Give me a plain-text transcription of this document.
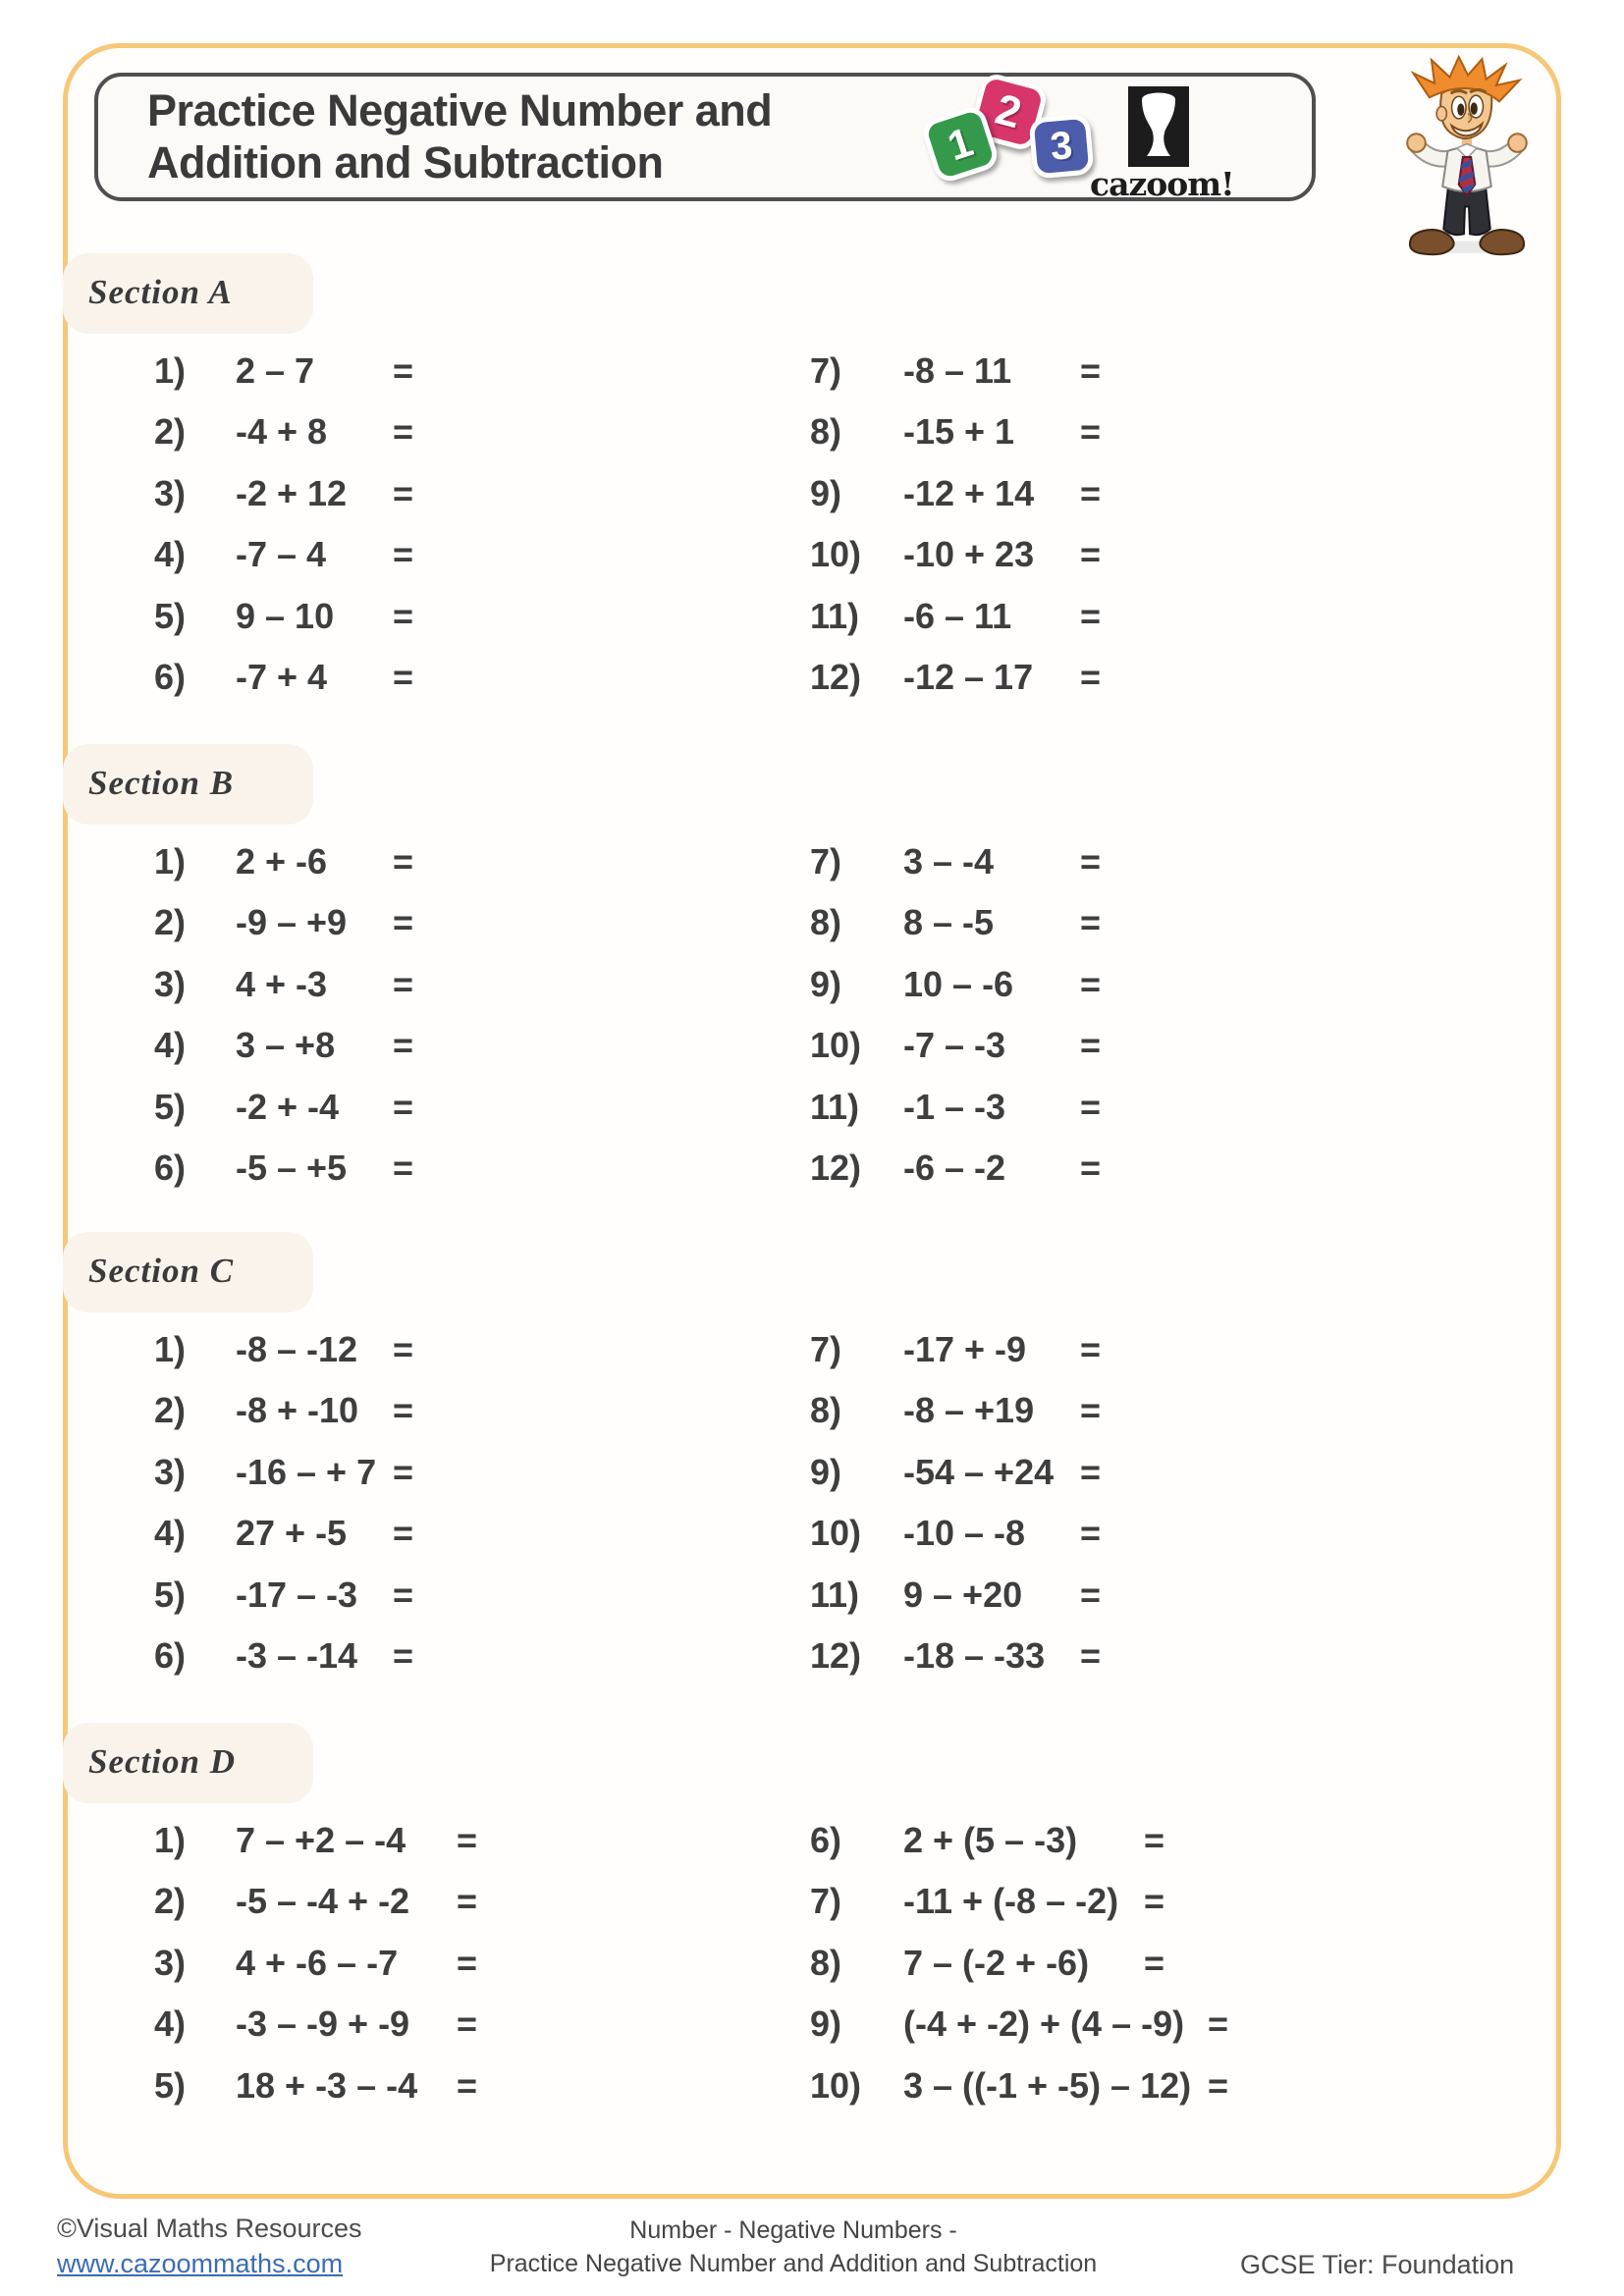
Practice Negative Number and
Addition and Subtraction	1
2
3
cazoom!
Section A
1) 2 – 7 =
2) -4 + 8 =
3) -2 + 12 =
4) -7 – 4 =
5) 9 – 10 =
6) -7 + 4 =
7) -8 – 11 =
8) -15 + 1 =
9) -12 + 14 =
10) -10 + 23 =
11) -6 – 11 =
12) -12 – 17 =
Section B
1) 2 + -6 =
2) -9 – +9 =
3) 4 + -3 =
4) 3 – +8 =
5) -2 + -4 =
6) -5 – +5 =
7) 3 – -4 =
8) 8 – -5 =
9) 10 – -6 =
10) -7 – -3 =
11) -1 – -3 =
12) -6 – -2 =
Section C
1) -8 – -12 =
2) -8 + -10 =
3) -16 – + 7 =
4) 27 + -5 =
5) -17 – -3 =
6) -3 – -14 =
7) -17 + -9 =
8) -8 – +19 =
9) -54 – +24 =
10) -10 – -8 =
11) 9 – +20 =
12) -18 – -33 =
Section D
1) 7 – +2 – -4 =
2) -5 – -4 + -2 =
3) 4 + -6 – -7 =
4) -3 – -9 + -9 =
5) 18 + -3 – -4 =
6) 2 + (5 – -3) =
7) -11 + (-8 – -2) =
8) 7 – (-2 + -6) =
9) (-4 + -2) + (4 – -9) =
10) 3 – ((-1 + -5) – 12) =
©Visual Maths Resources
www.cazoommaths.com
Number - Negative Numbers -
Practice Negative Number and Addition and Subtraction	GCSE Tier: Foundation
